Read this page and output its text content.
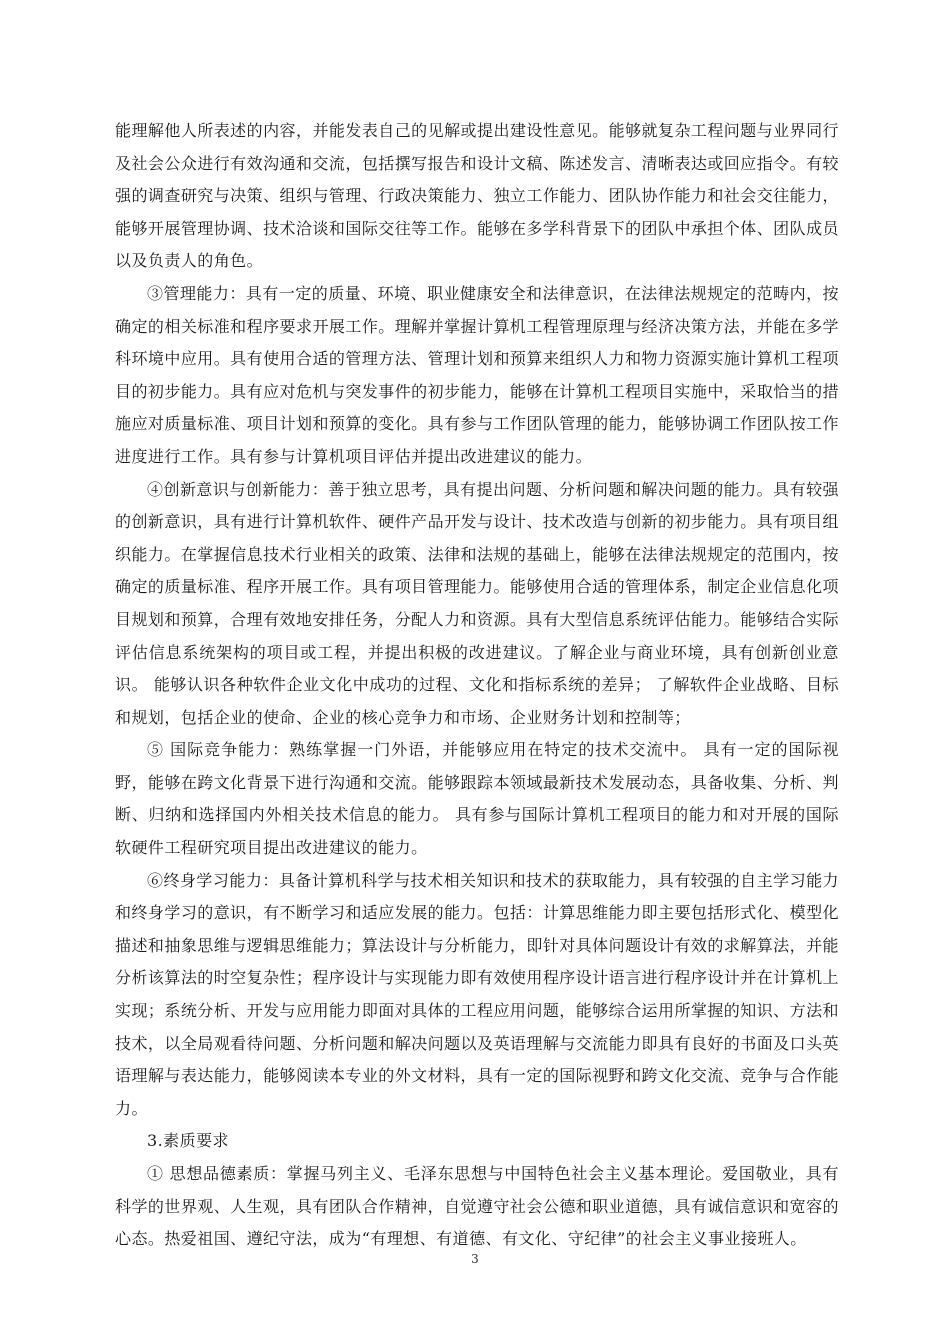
能理解他人所表述的内容，并能发表自己的见解或提出建设性意见。能够就复杂工程问题与业界同行及社会公众进行有效沟通和交流，包括撰写报告和设计文稿、陈述发言、清晰表达或回应指令。有较强的调查研究与决策、组织与管理、行政决策能力、独立工作能力、团队协作能力和社会交往能力，能够开展管理协调、技术洽谈和国际交往等工作。能够在多学科背景下的团队中承担个体、团队成员以及负责人的角色。

③管理能力：具有一定的质量、环境、职业健康安全和法律意识，在法律法规规定的范畴内，按确定的相关标准和程序要求开展工作。理解并掌握计算机工程管理原理与经济决策方法，并能在多学科环境中应用。具有使用合适的管理方法、管理计划和预算来组织人力和物力资源实施计算机工程项目的初步能力。具有应对危机与突发事件的初步能力，能够在计算机工程项目实施中，采取恰当的措施应对质量标准、项目计划和预算的变化。具有参与工作团队管理的能力，能够协调工作团队按工作进度进行工作。具有参与计算机项目评估并提出改进建议的能力。

④创新意识与创新能力：善于独立思考，具有提出问题、分析问题和解决问题的能力。具有较强的创新意识，具有进行计算机软件、硬件产品开发与设计、技术改造与创新的初步能力。具有项目组织能力。在掌握信息技术行业相关的政策、法律和法规的基础上，能够在法律法规规定的范围内，按确定的质量标准、程序开展工作。具有项目管理能力。能够使用合适的管理体系，制定企业信息化项目规划和预算，合理有效地安排任务，分配人力和资源。具有大型信息系统评估能力。能够结合实际评估信息系统架构的项目或工程，并提出积极的改进建议。了解企业与商业环境，具有创新创业意识。 能够认识各种软件企业文化中成功的过程、文化和指标系统的差异； 了解软件企业战略、目标和规划，包括企业的使命、企业的核心竞争力和市场、企业财务计划和控制等；

⑤ 国际竞争能力：熟练掌握一门外语，并能够应用在特定的技术交流中。 具有一定的国际视野，能够在跨文化背景下进行沟通和交流。能够跟踪本领域最新技术发展动态，具备收集、分析、判断、归纳和选择国内外相关技术信息的能力。 具有参与国际计算机工程项目的能力和对开展的国际软硬件工程研究项目提出改进建议的能力。

⑥终身学习能力：具备计算机科学与技术相关知识和技术的获取能力，具有较强的自主学习能力和终身学习的意识，有不断学习和适应发展的能力。包括：计算思维能力即主要包括形式化、模型化描述和抽象思维与逻辑思维能力；算法设计与分析能力，即针对具体问题设计有效的求解算法，并能分析该算法的时空复杂性；程序设计与实现能力即有效使用程序设计语言进行程序设计并在计算机上实现；系统分析、开发与应用能力即面对具体的工程应用问题，能够综合运用所掌握的知识、方法和技术，以全局观看待问题、分析问题和解决问题以及英语理解与交流能力即具有良好的书面及口头英语理解与表达能力，能够阅读本专业的外文材料，具有一定的国际视野和跨文化交流、竞争与合作能力。

3.素质要求

① 思想品德素质：掌握马列主义、毛泽东思想与中国特色社会主义基本理论。爱国敬业，具有科学的世界观、人生观，具有团队合作精神，自觉遵守社会公德和职业道德，具有诚信意识和宽容的心态。热爱祖国、遵纪守法，成为“有理想、有道德、有文化、守纪律”的社会主义事业接班人。

3
